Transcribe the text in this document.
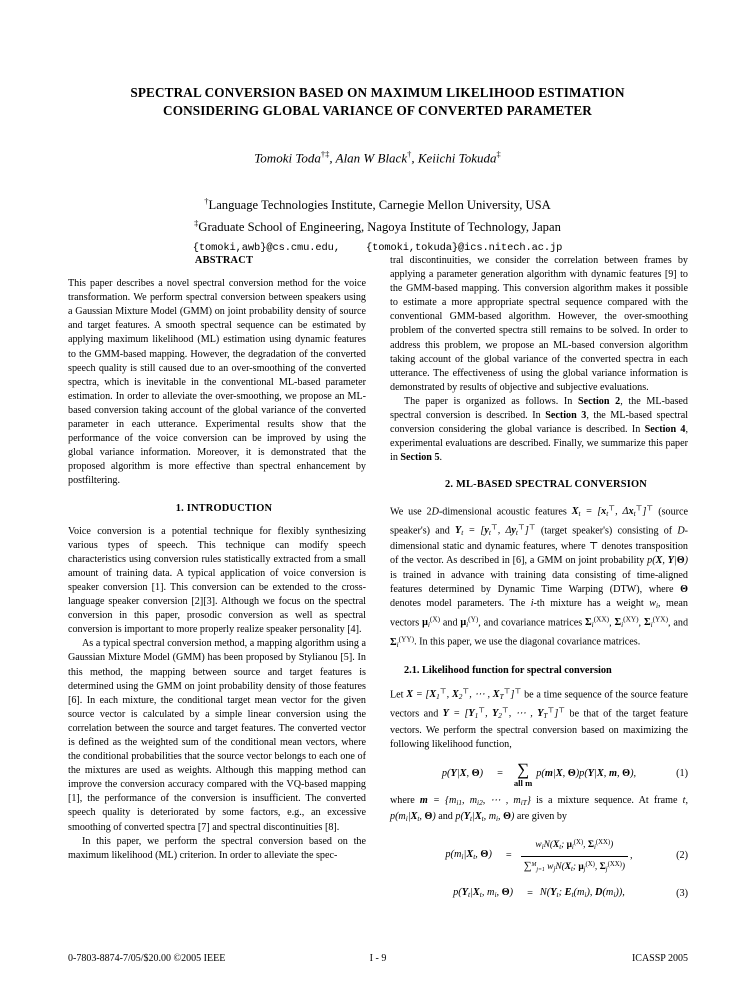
SPECTRAL CONVERSION BASED ON MAXIMUM LIKELIHOOD ESTIMATION
CONSIDERING GLOBAL VARIANCE OF CONVERTED PARAMETER
Tomoki Toda†‡, Alan W Black†, Keiichi Tokuda‡
†Language Technologies Institute, Carnegie Mellon University, USA
‡Graduate School of Engineering, Nagoya Institute of Technology, Japan
{tomoki,awb}@cs.cmu.edu,	{tomoki,tokuda}@ics.nitech.ac.jp

ABSTRACT

This paper describes a novel spectral conversion method for the voice transformation. We perform spectral conversion between speakers using a Gaussian Mixture Model (GMM) on joint probability density of source and target features. A smooth spectral sequence can be estimated by applying maximum likelihood (ML) estimation using dynamic features to the GMM-based mapping. However, the degradation of the converted speech quality is still caused due to an over-smoothing of the converted spectra, which is inevitable in the conventional ML-based parameter estimation. In order to alleviate the over-smoothing, we propose an ML-based conversion taking account of the global variance of the converted parameter in each utterance. Experimental results show that the performance of the voice conversion can be improved by using the global variance information. Moreover, it is demonstrated that the proposed algorithm is more effective than spectral enhancement by postfiltering.

1. INTRODUCTION

Voice conversion is a potential technique for flexibly synthesizing various types of speech. This technique can modify speech characteristics using conversion rules statistically extracted from a small amount of training data. A typical application of voice conversion is speaker conversion [1]. This conversion can be extended to the cross-language speaker conversion [2][3]. Although we focus on the spectral conversion in this paper, prosodic conversion as well as spectral conversion is important to more properly realize speaker personality [4].

As a typical spectral conversion method, a mapping algorithm using a Gaussian Mixture Model (GMM) has been proposed by Stylianou [5]. In this method, the mapping between source and target features is determined using the GMM on joint probability density of those features [6]. In each mixture, the conditional target mean vector for the given source vector is calculated by a simple linear conversion using the correlation between the source and target features. The converted vector is defined as the weighted sum of the conditional mean vectors, where the conditional probabilities that the source vector belongs to each one of the mixtures are used as weights. Although this mapping method can improve the conversion accuracy compared with the VQ-based mapping [1], the performance of the conversion is insufficient. The converted speech quality is deteriorated by some factors, e.g., an excessive smoothing of converted spectra [7] and spectral discontinuities [8].

In this paper, we perform the spectral conversion based on the maximum likelihood (ML) criterion. In order to alleviate the spec-

tral discontinuities, we consider the correlation between frames by applying a parameter generation algorithm with dynamic features [9] to the GMM-based mapping. This conversion algorithm makes it possible to estimate a more appropriate spectral sequence compared with the conventional GMM-based algorithm. However, the over-smoothing problem of the converted spectra still remains to be solved. In order to address this problem, we propose an ML-based conversion algorithm taking account of the global variance of the converted spectra in each utterance. The effectiveness of using the global variance information is demonstrated by results of objective and subjective evaluations.

The paper is organized as follows. In Section 2, the ML-based spectral conversion is described. In Section 3, the ML-based spectral conversion considering the global variance is described. In Section 4, experimental evaluations are described. Finally, we summarize this paper in Section 5.

2. ML-BASED SPECTRAL CONVERSION

We use 2D-dimensional acoustic features $X_t = [x_t^⊤$, $\Delta x_t^⊤]^⊤$ (source speaker's) and $Y_t = [y_t^⊤$, $\Delta y_t^⊤]^⊤$ (target speaker's) consisting of D-dimensional static and dynamic features, where ⊤ denotes transposition of the vector. As described in [6], a GMM on joint probability p(X, Y|Θ) is trained in advance with training data consisting of time-aligned features determined by Dynamic Time Warping (DTW), where Θ denotes model parameters. The i-th mixture has a weight $w_i$, mean vectors $\mu_i^{(X)}$ and $\mu_i^{(Y)}$, and covariance matrices $\Sigma_i^{(XX)}$, $\Sigma_i^{(XY)}$, $\Sigma_i^{(YX)}$, and $\Sigma_i^{(YY)}$. In this paper, we use the diagonal covariance matrices.

2.1. Likelihood function for spectral conversion

Let $X = [X_1^⊤$, $X_2^⊤$, ⋯ , $X_T^⊤]^⊤$ be a time sequence of the source feature vectors and $Y = [Y_1^⊤$, $Y_2^⊤$, ⋯ , $Y_T^⊤]^⊤$ be that of the target feature vectors. We perform the spectral conversion based on maximizing the following likelihood function,

p(Y|X, Θ) = ∑
all m
p(m|X, Θ)p(Y|X, m, Θ),	(1)

where $m = \{m_{i1}$, $m_{i2}$, ⋯ , $m_{iT}$} is a mixture sequence. At frame t, $p(m_i|X_t$, Θ) and $p(Y_t|X_t$, $m_i$, Θ) are given by

$p(m_i|X_t$, $\Theta) = \frac{w_iN(X_t; \mu_i^{(X)}, \Sigma_i^{(XX)})}{\sum^M_{j=1} w_jN(X_t; \mu_j^{(X)}, \Sigma_j^{(XX)})}$ ,	(2)
$p(Y_t|X_t$, $m_i$, $\Theta) = N(Y_t$; $E_t(m_i)$, $D(m_i)$),	(3)
0-7803-8874-7/05/$20.00 ©2005 IEEE	I - 9	ICASSP 2005
